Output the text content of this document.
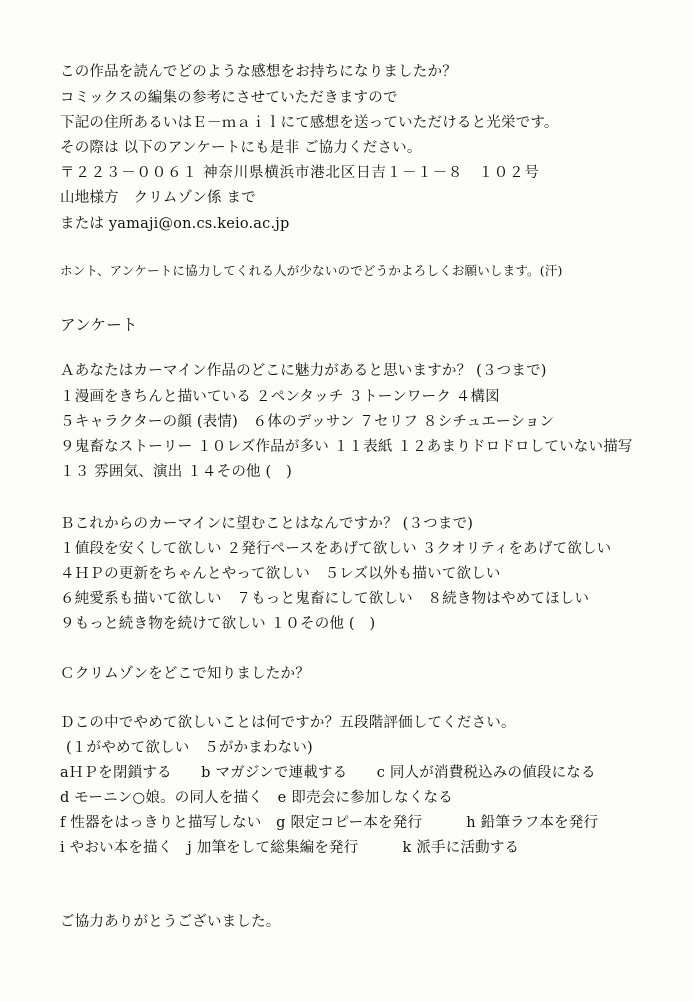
この作品を読んでどのような感想をお持ちになりましたか？
コミックスの編集の参考にさせていただきますので
下記の住所あるいはＥ－ｍａｉｌにて感想を送っていただけると光栄です。
その際は 以下のアンケートにも是非 ご協力ください。
〒２２３－００６１ 神奈川県横浜市港北区日吉１－１－８　１０２号
山地様方　クリムゾン係 まで
または yamaji@on.cs.keio.ac.jp
ホント、アンケートに協力してくれる人が少ないのでどうかよろしくお願いします。(汗)
アンケート
Ａあなたはカーマイン作品のどこに魅力があると思いますか？ (３つまで)
１漫画をきちんと描いている ２ペンタッチ ３トーンワーク ４構図
５キャラクターの顔 (表情)　６体のデッサン ７セリフ ８シチュエーション
９鬼畜なストーリー １０レズ作品が多い １１表紙 １２あまりドロドロしていない描写
１３ 雰囲気、演出 １４その他 (　)
Ｂこれからのカーマインに望むことはなんですか？ (３つまで)
１値段を安くして欲しい ２発行ペースをあげて欲しい ３クオリティをあげて欲しい
４ＨＰの更新をちゃんとやって欲しい　５レズ以外も描いて欲しい
６純愛系も描いて欲しい　７もっと鬼畜にして欲しい　８続き物はやめてほしい
９もっと続き物を続けて欲しい １０その他 (　)
Ｃクリムゾンをどこで知りましたか？
Ｄこの中でやめて欲しいことは何ですか？五段階評価してください。
(１がやめて欲しい　５がかまわない)
aＨＰを閉鎖する　　b マガジンで連載する　　c 同人が消費税込みの値段になる
d モーニン○娘。の同人を描く　e 即売会に参加しなくなる
f 性器をはっきりと描写しない　g 限定コピー本を発行　　　h 鉛筆ラフ本を発行
i やおい本を描く　j 加筆をして総集編を発行　　　k 派手に活動する
ご協力ありがとうございました。
